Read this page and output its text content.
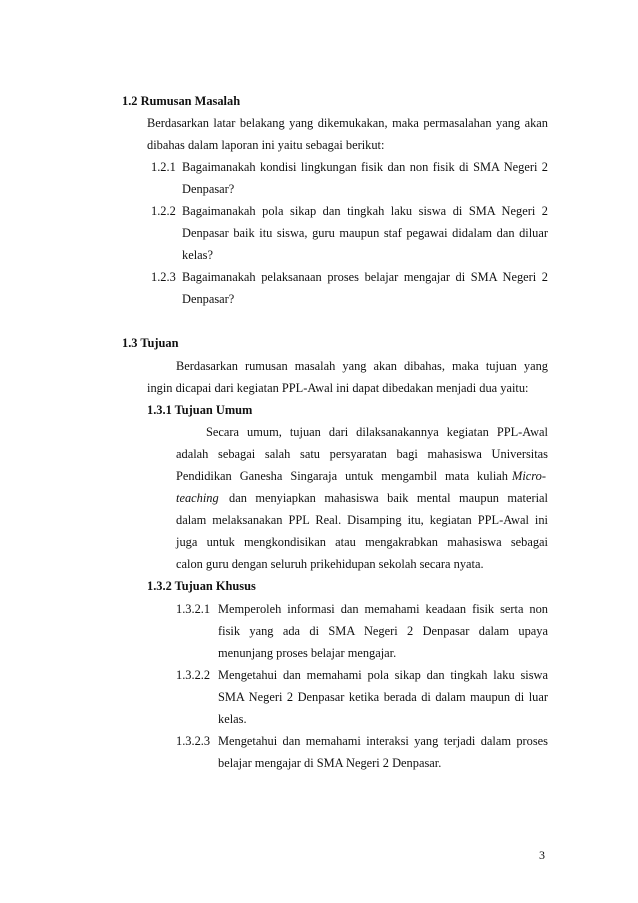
1.2 Rumusan Masalah
Berdasarkan latar belakang yang dikemukakan, maka permasalahan yang akan
dibahas dalam laporan ini yaitu sebagai berikut:
1.2.1 Bagaimanakah kondisi lingkungan fisik dan non fisik di SMA Negeri 2
Denpasar?
1.2.2 Bagaimanakah pola sikap dan tingkah laku siswa di SMA Negeri 2
Denpasar baik itu siswa, guru maupun staf pegawai didalam dan diluar
kelas?
1.2.3 Bagaimanakah pelaksanaan proses belajar mengajar di SMA Negeri 2
Denpasar?
1.3 Tujuan
Berdasarkan rumusan masalah yang akan dibahas, maka tujuan yang
ingin dicapai dari kegiatan PPL-Awal ini dapat dibedakan menjadi dua yaitu:
1.3.1 Tujuan Umum
Secara umum, tujuan dari dilaksanakannya kegiatan PPL-Awal
adalah sebagai salah satu persyaratan bagi mahasiswa Universitas
Pendidikan Ganesha Singaraja untuk mengambil mata kuliah Micro-
teaching dan menyiapkan mahasiswa baik mental maupun material
dalam melaksanakan PPL Real. Disamping itu, kegiatan PPL-Awal ini
juga untuk mengkondisikan atau mengakrabkan mahasiswa sebagai
calon guru dengan seluruh prikehidupan sekolah secara nyata.
1.3.2 Tujuan Khusus
1.3.2.1 Memperoleh informasi dan memahami keadaan fisik serta non
fisik yang ada di SMA Negeri 2 Denpasar dalam upaya
menunjang proses belajar mengajar.
1.3.2.2 Mengetahui dan memahami pola sikap dan tingkah laku siswa
SMA Negeri 2 Denpasar ketika berada di dalam maupun di luar
kelas.
1.3.2.3 Mengetahui dan memahami interaksi yang terjadi dalam proses
belajar mengajar di SMA Negeri 2 Denpasar.
3
